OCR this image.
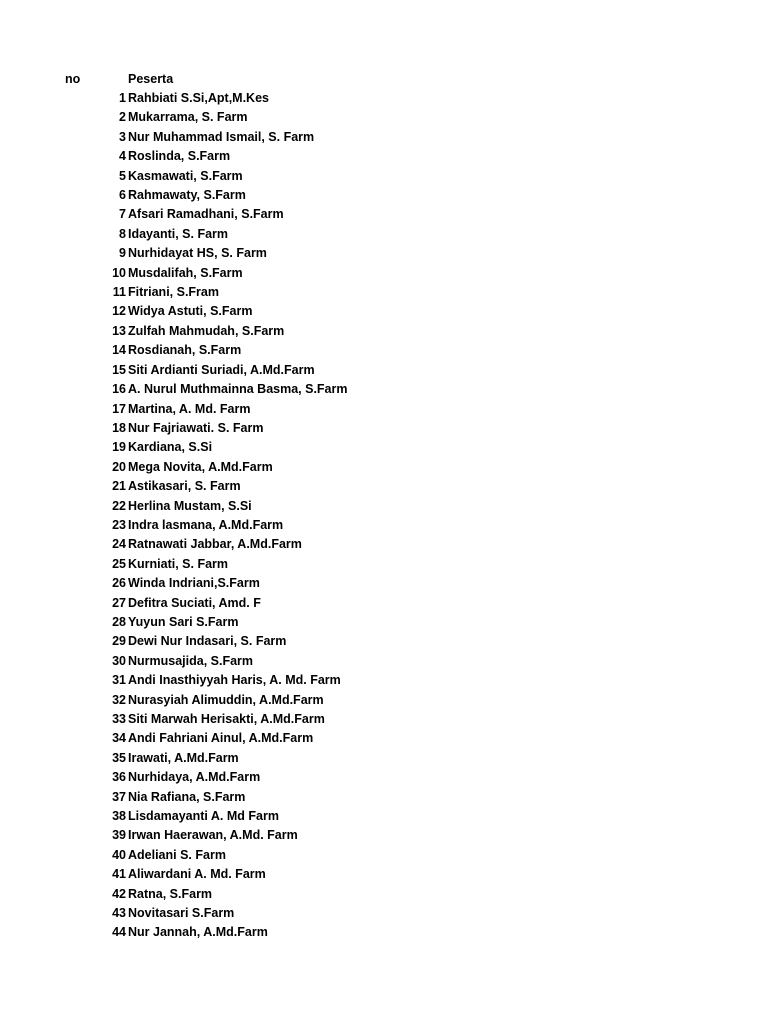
no	Peserta
1 Rahbiati S.Si,Apt,M.Kes
2 Mukarrama, S. Farm
3 Nur Muhammad Ismail, S. Farm
4 Roslinda, S.Farm
5 Kasmawati, S.Farm
6 Rahmawaty, S.Farm
7 Afsari Ramadhani, S.Farm
8 Idayanti, S. Farm
9 Nurhidayat HS, S. Farm
10 Musdalifah, S.Farm
11 Fitriani, S.Fram
12 Widya Astuti, S.Farm
13 Zulfah Mahmudah, S.Farm
14 Rosdianah, S.Farm
15 Siti Ardianti Suriadi, A.Md.Farm
16 A. Nurul Muthmainna Basma, S.Farm
17 Martina, A. Md. Farm
18 Nur Fajriawati. S. Farm
19 Kardiana, S.Si
20 Mega Novita, A.Md.Farm
21 Astikasari, S. Farm
22 Herlina Mustam, S.Si
23 Indra lasmana, A.Md.Farm
24 Ratnawati Jabbar, A.Md.Farm
25 Kurniati, S. Farm
26 Winda Indriani,S.Farm
27 Defitra Suciati, Amd. F
28 Yuyun Sari S.Farm
29 Dewi Nur Indasari, S. Farm
30 Nurmusajida, S.Farm
31 Andi Inasthiyyah Haris, A. Md. Farm
32 Nurasyiah Alimuddin, A.Md.Farm
33 Siti Marwah Herisakti, A.Md.Farm
34 Andi Fahriani Ainul, A.Md.Farm
35 Irawati, A.Md.Farm
36 Nurhidaya, A.Md.Farm
37 Nia Rafiana, S.Farm
38 Lisdamayanti A. Md Farm
39 Irwan Haerawan, A.Md. Farm
40 Adeliani S. Farm
41 Aliwardani A. Md. Farm
42 Ratna, S.Farm
43 Novitasari S.Farm
44 Nur Jannah, A.Md.Farm
